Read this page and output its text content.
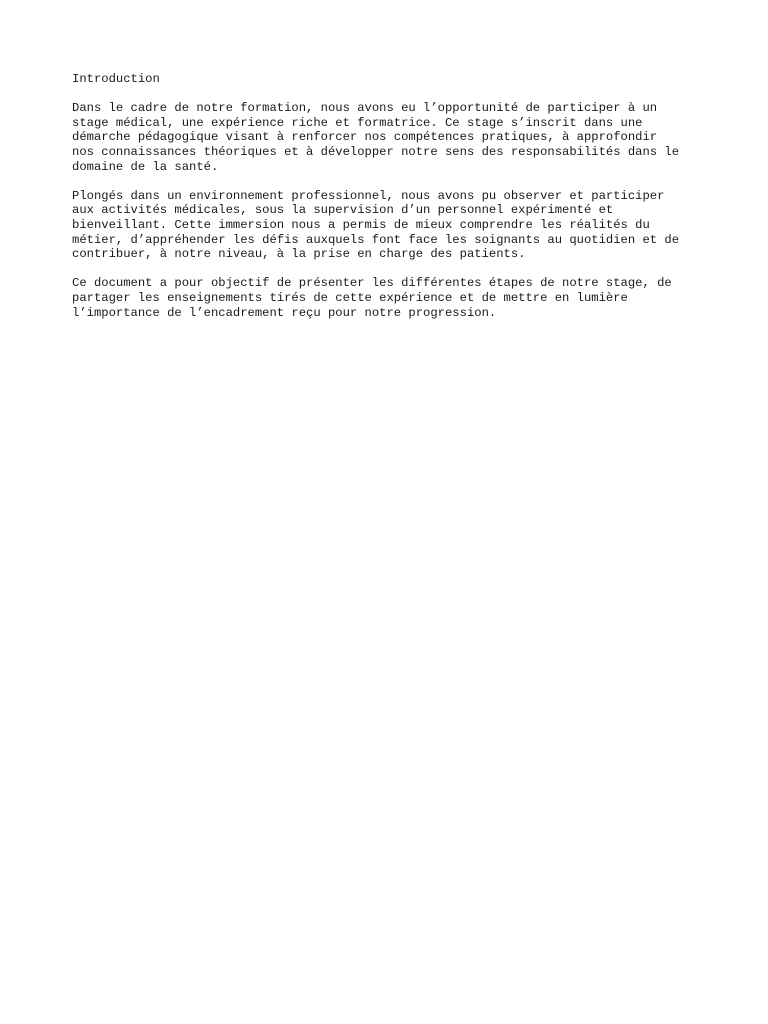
Introduction
Dans le cadre de notre formation, nous avons eu l’opportunité de participer à un
stage médical, une expérience riche et formatrice. Ce stage s’inscrit dans une
démarche pédagogique visant à renforcer nos compétences pratiques, à approfondir
nos connaissances théoriques et à développer notre sens des responsabilités dans le
domaine de la santé.
Plongés dans un environnement professionnel, nous avons pu observer et participer
aux activités médicales, sous la supervision d’un personnel expérimenté et
bienveillant. Cette immersion nous a permis de mieux comprendre les réalités du
métier, d’appréhender les défis auxquels font face les soignants au quotidien et de
contribuer, à notre niveau, à la prise en charge des patients.
Ce document a pour objectif de présenter les différentes étapes de notre stage, de
partager les enseignements tirés de cette expérience et de mettre en lumière
l’importance de l’encadrement reçu pour notre progression.
